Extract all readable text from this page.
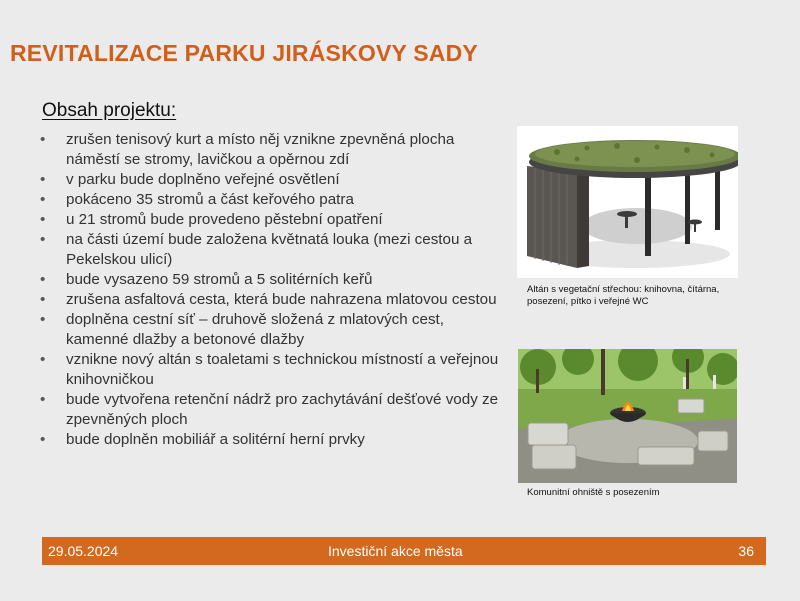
REVITALIZACE PARKU JIRÁSKOVY SADY
Obsah projektu:
• zrušen tenisový kurt a místo něj vznikne zpevněná plocha náměstí se stromy, lavičkou a opěrnou zdí
• v parku bude doplněno veřejné osvětlení
• pokáceno 35 stromů a část keřového patra
• u 21 stromů bude provedeno pěstební opatření
• na části území bude založena květnatá louka (mezi cestou a Pekelskou ulicí)
• bude vysazeno 59 stromů a 5 solitérních keřů
• zrušena asfaltová cesta, která bude nahrazena mlatovou cestou
• doplněna cestní síť – druhově složená z mlatových cest, kamenné dlažby a betonové dlažby
• vznikne nový altán s toaletami s technickou místností a veřejnou knihovničkou
• bude vytvořena retenční nádrž pro zachytávání dešťové vody ze zpevněných ploch
• bude doplněn mobiliář a solitérní herní prvky
Altán s vegetační střechou: knihovna, čítárna, posezení, pítko i veřejné WC
Komunitní ohniště s posezením
29.05.2024	Investiční akce města	36
